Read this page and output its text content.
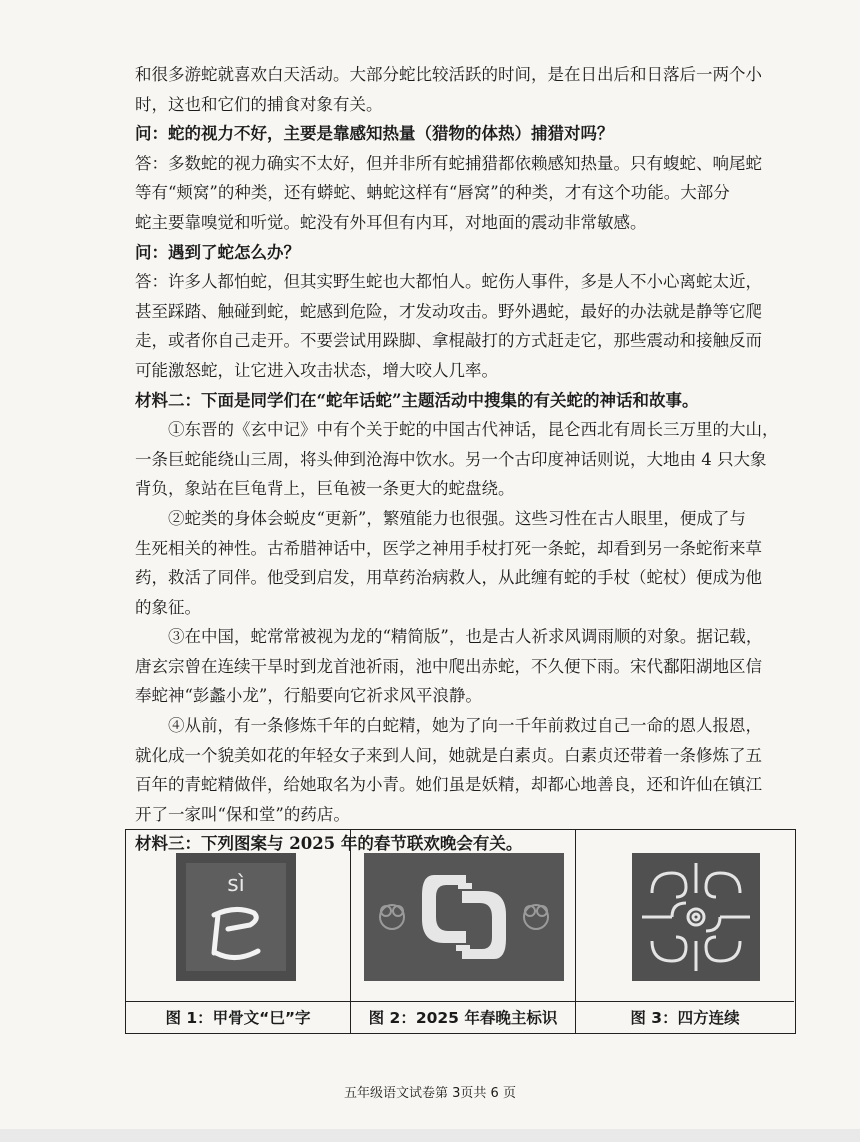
和很多游蛇就喜欢白天活动。大部分蛇比较活跃的时间，是在日出后和日落后一两个小
时，这也和它们的捕食对象有关。
问：蛇的视力不好，主要是靠感知热量（猎物的体热）捕猎对吗？
答：多数蛇的视力确实不太好，但并非所有蛇捕猎都依赖感知热量。只有蝮蛇、响尾蛇
等有“颊窝”的种类，还有蟒蛇、蚺蛇这样有“唇窝”的种类，才有这个功能。大部分
蛇主要靠嗅觉和听觉。蛇没有外耳但有内耳，对地面的震动非常敏感。
问：遇到了蛇怎么办？
答：许多人都怕蛇，但其实野生蛇也大都怕人。蛇伤人事件，多是人不小心离蛇太近，
甚至踩踏、触碰到蛇，蛇感到危险，才发动攻击。野外遇蛇，最好的办法就是静等它爬
走，或者你自己走开。不要尝试用跺脚、拿棍敲打的方式赶走它，那些震动和接触反而
可能激怒蛇，让它进入攻击状态，增大咬人几率。
材料二：下面是同学们在“蛇年话蛇”主题活动中搜集的有关蛇的神话和故事。
　　①东晋的《玄中记》中有个关于蛇的中国古代神话，昆仑西北有周长三万里的大山，
一条巨蛇能绕山三周，将头伸到沧海中饮水。另一个古印度神话则说，大地由 4 只大象
背负，象站在巨龟背上，巨龟被一条更大的蛇盘绕。
　　②蛇类的身体会蜕皮“更新”，繁殖能力也很强。这些习性在古人眼里，便成了与
生死相关的神性。古希腊神话中，医学之神用手杖打死一条蛇，却看到另一条蛇衔来草
药，救活了同伴。他受到启发，用草药治病救人，从此缠有蛇的手杖（蛇杖）便成为他
的象征。
　　③在中国，蛇常常被视为龙的“精简版”，也是古人祈求风调雨顺的对象。据记载，
唐玄宗曾在连续干旱时到龙首池祈雨，池中爬出赤蛇，不久便下雨。宋代鄱阳湖地区信
奉蛇神“彭蠡小龙”，行船要向它祈求风平浪静。
　　④从前，有一条修炼千年的白蛇精，她为了向一千年前救过自己一命的恩人报恩，
就化成一个貌美如花的年轻女子来到人间，她就是白素贞。白素贞还带着一条修炼了五
百年的青蛇精做伴，给她取名为小青。她们虽是妖精，却都心地善良，还和许仙在镇江
开了一家叫“保和堂”的药店。
材料三：下列图案与 2025 年的春节联欢晚会有关。
sì
图 1：甲骨文“巳”字	图 2：2025 年春晚主标识	图 3：四方连续
五年级语文试卷第 3页共 6 页
